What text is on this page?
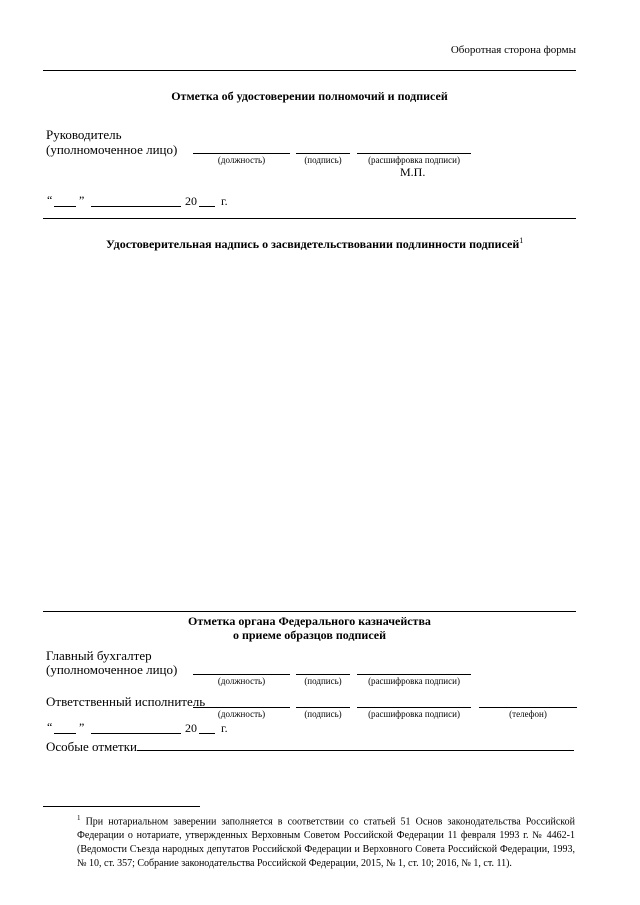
Оборотная сторона формы
Отметка об удостоверении полномочий и подписей
Руководитель
(уполномоченное лицо)
(должность)	(подпись)	(расшифровка подписи)
М.П.
“ ”	20 г.
Удостоверительная надпись о засвидетельствовании подлинности подписей$^1$
Отметка органа Федерального казначейства
о приеме образцов подписей
Главный бухгалтер
(уполномоченное лицо)
(должность)	(подпись)	(расшифровка подписи)
Ответственный исполнитель
(должность)	(подпись)	(расшифровка подписи)	(телефон)
“ ”	20 г.
Особые отметки
$^1$ При нотариальном заверении заполняется в соответствии со статьей 51 Основ законодательства Российской Федерации о нотариате, утвержденных Верховным Советом Российской Федерации 11 февраля 1993 г. № 4462-1 (Ведомости Съезда народных депутатов Российской Федерации и Верховного Совета Российской Федерации, 1993, № 10, ст. 357; Собрание законодательства Российской Федерации, 2015, № 1, ст. 10; 2016, № 1, ст. 11).
